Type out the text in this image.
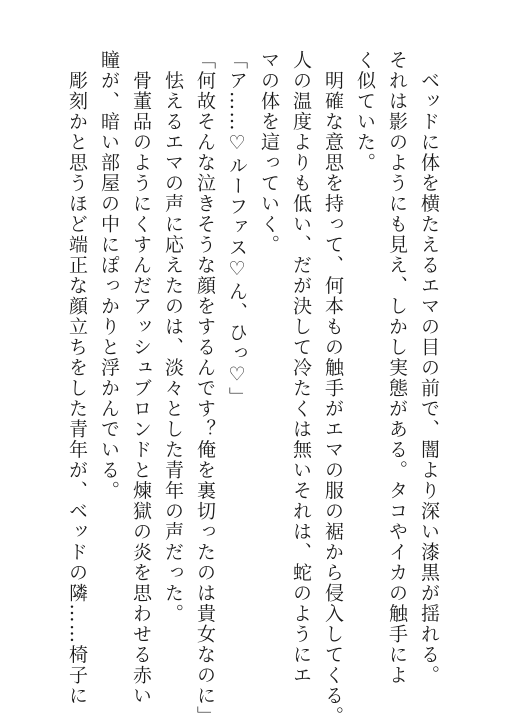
　ベッドに体を横たえるエマの目の前で、闇より深い漆黒が揺れる。
それは影のようにも見え、しかし実態がある。タコやイカの触手によ
く似ていた。
　明確な意思を持って、何本もの触手がエマの服の裾から侵入してくる。
人の温度よりも低い、だが決して冷たくは無いそれは、蛇のようにエ
マの体を這っていく。
「ア……♡ルーファス♡ん、ひっ♡」
「何故そんな泣きそうな顔をするんです？俺を裏切ったのは貴女なのに」
　怯えるエマの声に応えたのは、淡々とした青年の声だった。
　骨董品のようにくすんだアッシュブロンドと煉獄の炎を思わせる赤い
瞳が、暗い部屋の中にぽっかりと浮かんでいる。
　彫刻かと思うほど端正な顔立ちをした青年が、ベッドの隣……椅子に
